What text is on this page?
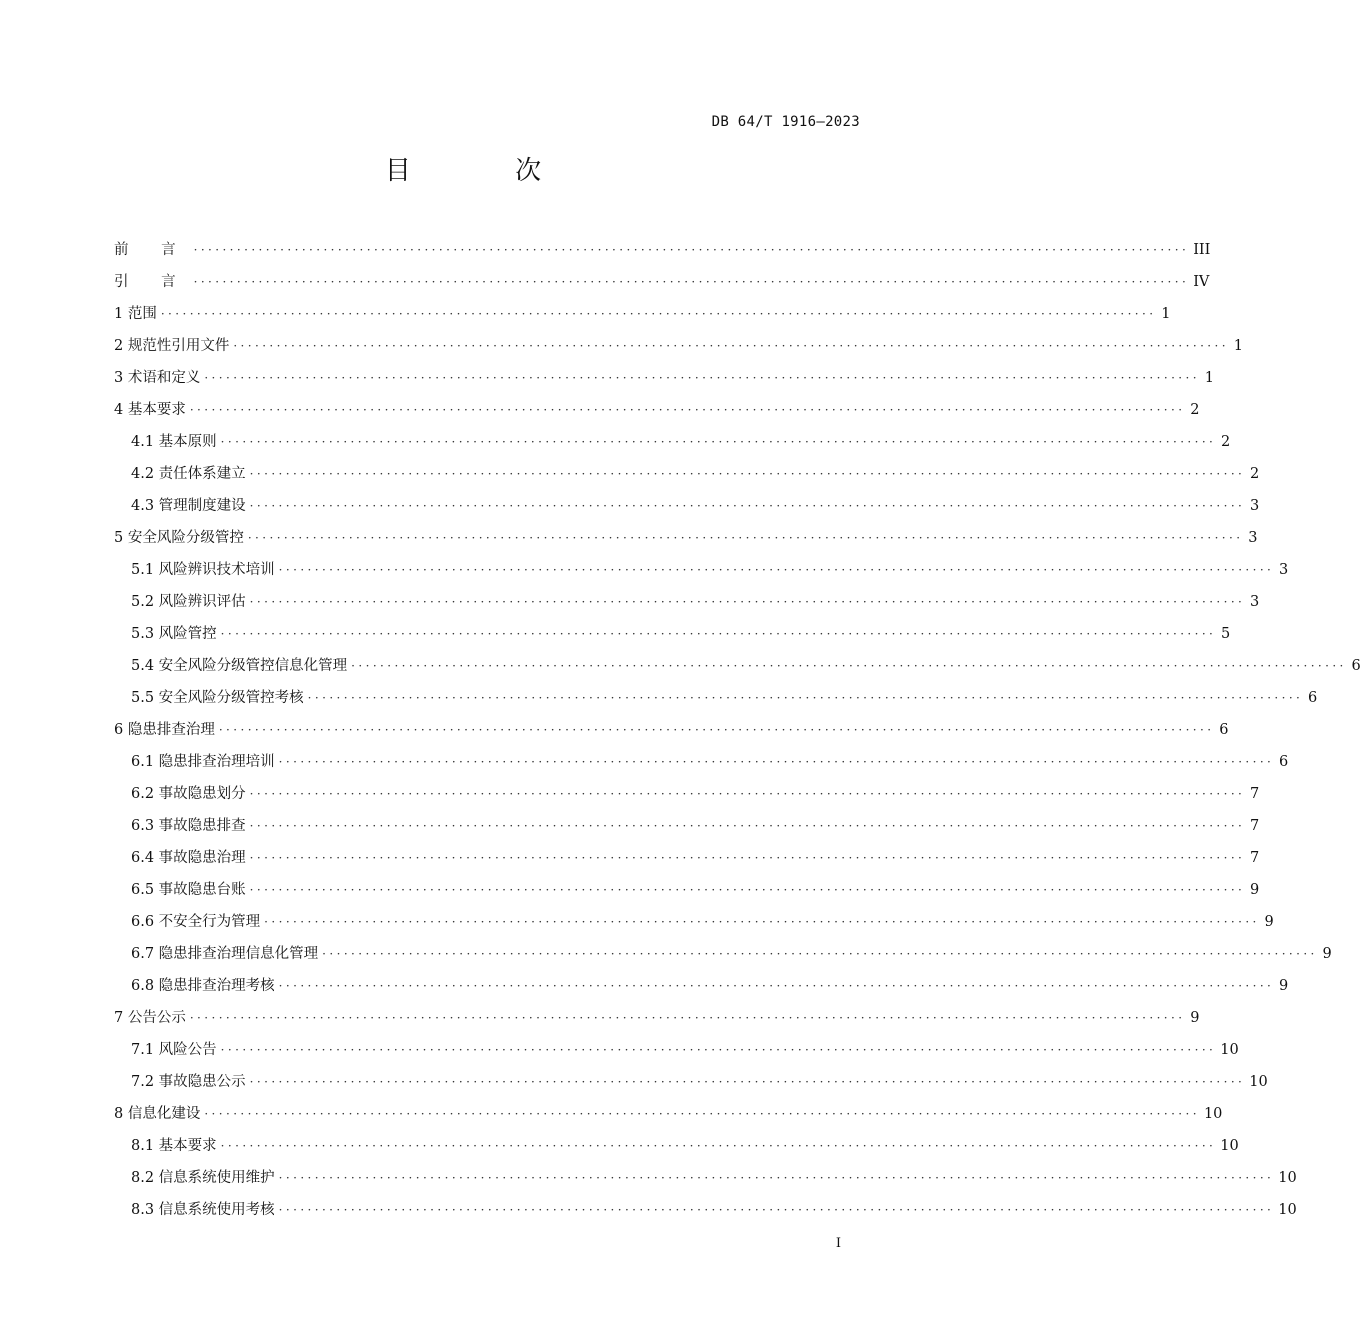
DB 64/T 1916—2023
目 次
前 言 ·········································································································································· III
引 言 ·········································································································································· IV
1 范围 ·········································································································································· 1
2 规范性引用文件 ·········································································································································· 1
3 术语和定义 ·········································································································································· 1
4 基本要求 ·········································································································································· 2
4.1 基本原则 ·········································································································································· 2
4.2 责任体系建立 ·········································································································································· 2
4.3 管理制度建设 ·········································································································································· 3
5 安全风险分级管控 ·········································································································································· 3
5.1 风险辨识技术培训 ·········································································································································· 3
5.2 风险辨识评估 ·········································································································································· 3
5.3 风险管控 ·········································································································································· 5
5.4 安全风险分级管控信息化管理 ·········································································································································· 6
5.5 安全风险分级管控考核 ·········································································································································· 6
6 隐患排查治理 ·········································································································································· 6
6.1 隐患排查治理培训 ·········································································································································· 6
6.2 事故隐患划分 ·········································································································································· 7
6.3 事故隐患排查 ·········································································································································· 7
6.4 事故隐患治理 ·········································································································································· 7
6.5 事故隐患台账 ·········································································································································· 9
6.6 不安全行为管理 ·········································································································································· 9
6.7 隐患排查治理信息化管理 ·········································································································································· 9
6.8 隐患排查治理考核 ·········································································································································· 9
7 公告公示 ·········································································································································· 9
7.1 风险公告 ·········································································································································· 10
7.2 事故隐患公示 ·········································································································································· 10
8 信息化建设 ·········································································································································· 10
8.1 基本要求 ·········································································································································· 10
8.2 信息系统使用维护 ·········································································································································· 10
8.3 信息系统使用考核 ·········································································································································· 10
I
